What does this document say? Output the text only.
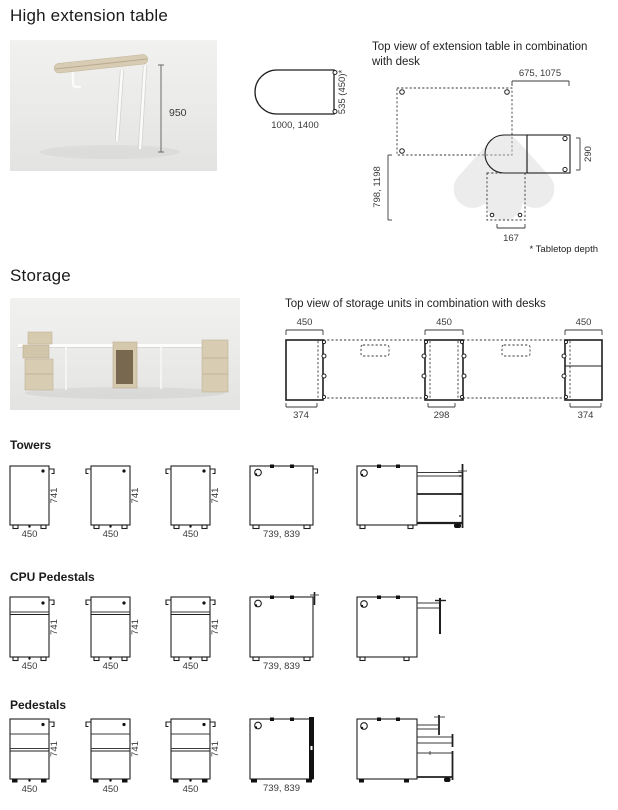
High extension table
950
1000, 1400
535 (450)*
Top view of extension table in combination with desk
675, 1075
290
798, 1198
167
* Tabletop depth
Storage
Top view of storage units in combination with desks
450	450	450
374	298	374
Towers
741
450
741
450
741
450	739, 839
CPU Pedestals
741
450
741
450
741
450	739, 839
Pedestals
741
450
741
450
741
450	739, 839
